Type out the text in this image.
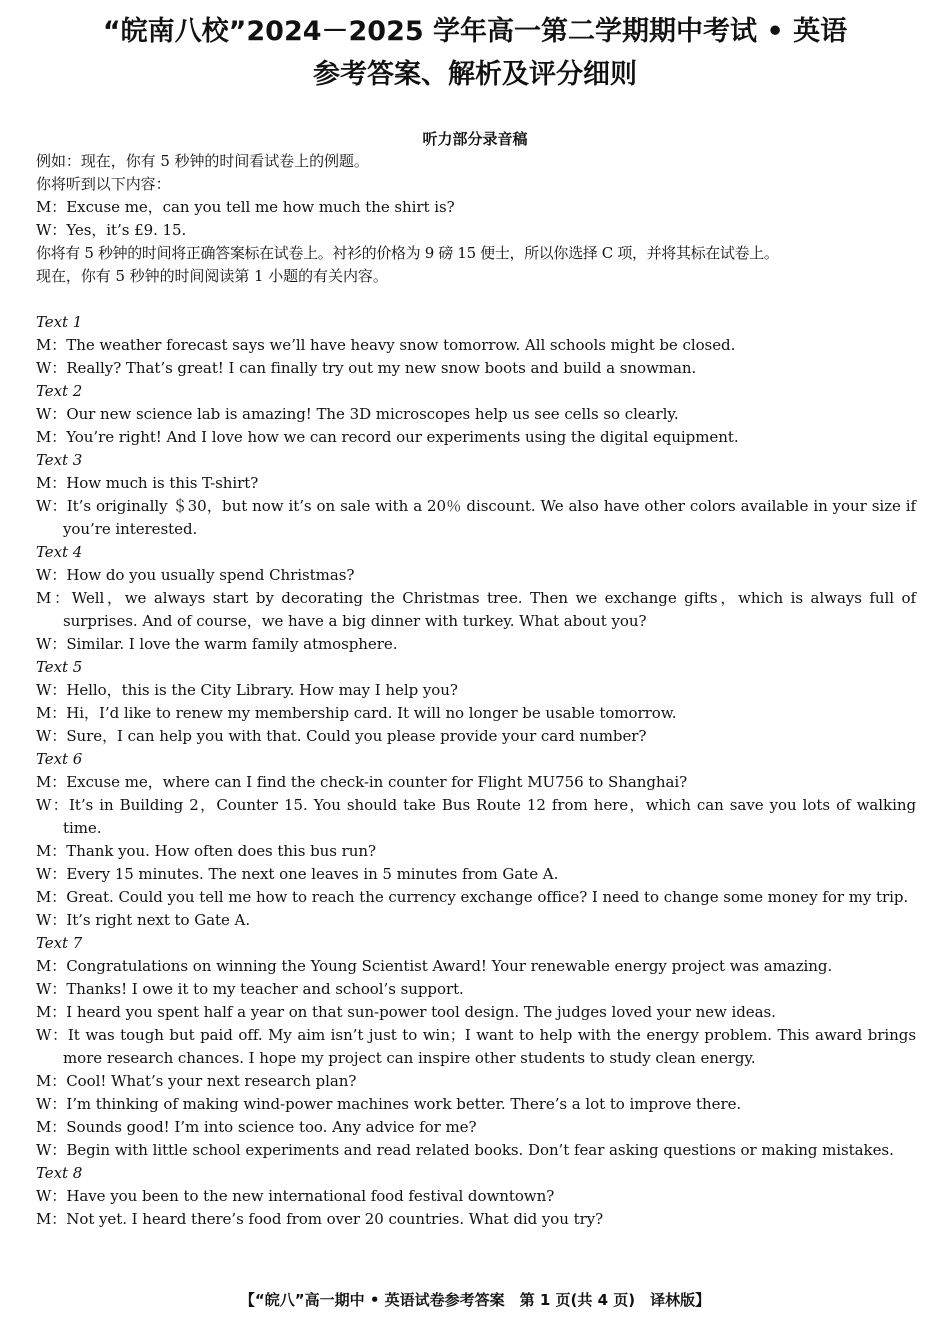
“皖南八校”2024－2025 学年高一第二学期期中考试 • 英语
参考答案、解析及评分细则
听力部分录音稿
例如：现在，你有 5 秒钟的时间看试卷上的例题。
你将听到以下内容：
M：Excuse me，can you tell me how much the shirt is?
W：Yes，it’s £9. 15.
你将有 5 秒钟的时间将正确答案标在试卷上。衬衫的价格为 9 磅 15 便士，所以你选择 C 项，并将其标在试卷上。
现在，你有 5 秒钟的时间阅读第 1 小题的有关内容。
Text 1
M：The weather forecast says we’ll have heavy snow tomorrow. All schools might be closed.
W：Really? That’s great! I can finally try out my new snow boots and build a snowman.
Text 2
W：Our new science lab is amazing! The 3D microscopes help us see cells so clearly.
M：You’re right! And I love how we can record our experiments using the digital equipment.
Text 3
M：How much is this T-shirt?
W：It’s originally ＄30，but now it’s on sale with a 20％ discount. We also have other colors available in your size if you’re interested.
Text 4
W：How do you usually spend Christmas?
M：Well，we always start by decorating the Christmas tree. Then we exchange gifts，which is always full of surprises. And of course，we have a big dinner with turkey. What about you?
W：Similar. I love the warm family atmosphere.
Text 5
W：Hello，this is the City Library. How may I help you?
M：Hi，I’d like to renew my membership card. It will no longer be usable tomorrow.
W：Sure，I can help you with that. Could you please provide your card number?
Text 6
M：Excuse me，where can I find the check-in counter for Flight MU756 to Shanghai?
W：It’s in Building 2，Counter 15. You should take Bus Route 12 from here，which can save you lots of walking time.
M：Thank you. How often does this bus run?
W：Every 15 minutes. The next one leaves in 5 minutes from Gate A.
M：Great. Could you tell me how to reach the currency exchange office? I need to change some money for my trip.
W：It’s right next to Gate A.
Text 7
M：Congratulations on winning the Young Scientist Award! Your renewable energy project was amazing.
W：Thanks! I owe it to my teacher and school’s support.
M：I heard you spent half a year on that sun-power tool design. The judges loved your new ideas.
W：It was tough but paid off. My aim isn’t just to win；I want to help with the energy problem. This award brings more research chances. I hope my project can inspire other students to study clean energy.
M：Cool! What’s your next research plan?
W：I’m thinking of making wind-power machines work better. There’s a lot to improve there.
M：Sounds good! I’m into science too. Any advice for me?
W：Begin with little school experiments and read related books. Don’t fear asking questions or making mistakes.
Text 8
W：Have you been to the new international food festival downtown?
M：Not yet. I heard there’s food from over 20 countries. What did you try?
【“皖八”高一期中 • 英语试卷参考答案　第 1 页(共 4 页)　译林版】
